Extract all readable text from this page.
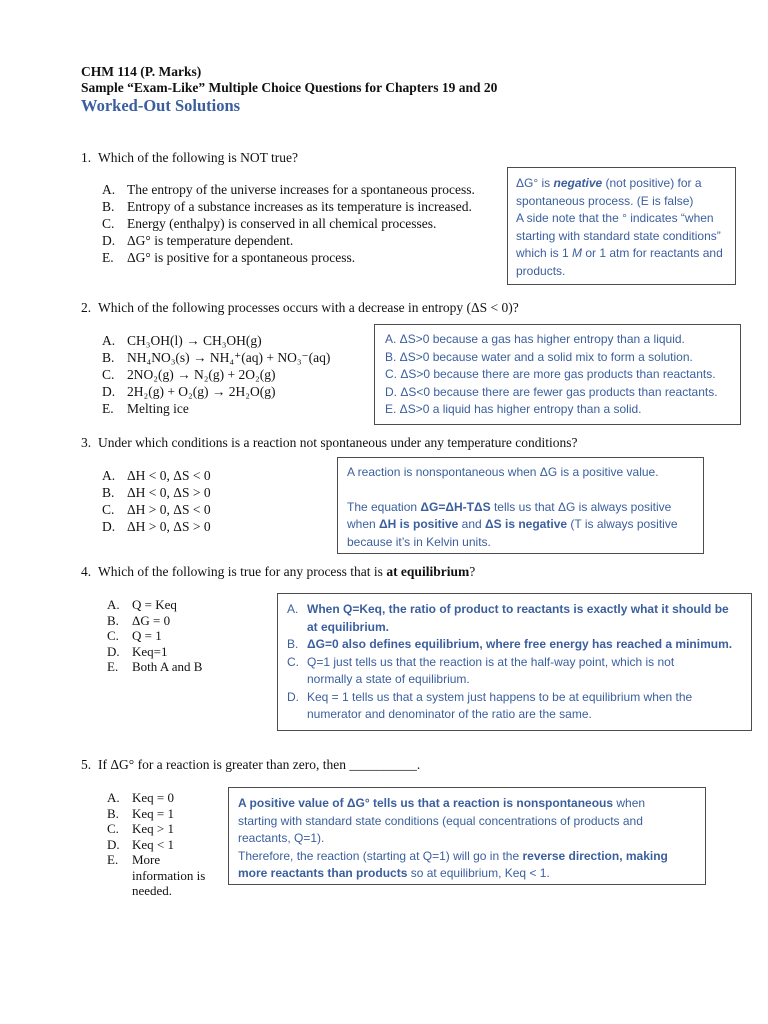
CHM 114 (P. Marks)
Sample “Exam-Like” Multiple Choice Questions for Chapters 19 and 20
Worked-Out Solutions
1. Which of the following is NOT true?
A. The entropy of the universe increases for a spontaneous process.
B. Entropy of a substance increases as its temperature is increased.
C. Energy (enthalpy) is conserved in all chemical processes.
D. ΔG° is temperature dependent.
E. ΔG° is positive for a spontaneous process.

ΔG° is negative (not positive) for a

spontaneous process. (E is false)

A side note that the ° indicates “when

starting with standard state conditions”

which is 1 M or 1 atm for reactants and

products.

2. Which of the following processes occurs with a decrease in entropy (ΔS < 0)?
A. CH₃OH(l) → CH₃OH(g)
B. NH₄NO₃(s) → NH₄⁺(aq) + NO₃⁻(aq)
C. 2NO₂(g) → N₂(g) + 2O₂(g)
D. 2H₂(g) + O₂(g) → 2H₂O(g)
E. Melting ice

A. ΔS>0 because a gas has higher entropy than a liquid.

B. ΔS>0 because water and a solid mix to form a solution.

C. ΔS>0 because there are more gas products than reactants.

D. ΔS<0 because there are fewer gas products than reactants.

E. ΔS>0 a liquid has higher entropy than a solid.

3. Under which conditions is a reaction not spontaneous under any temperature conditions?
A. ΔH < 0, ΔS < 0
B. ΔH < 0, ΔS > 0
C. ΔH > 0, ΔS < 0
D. ΔH > 0, ΔS > 0

A reaction is nonspontaneous when ΔG is a positive value.

The equation ΔG=ΔH-TΔS tells us that ΔG is always positive

when ΔH is positive and ΔS is negative (T is always positive

because it’s in Kelvin units.

4. Which of the following is true for any process that is at equilibrium?
A. Q = Keq
B.	ΔG = 0
C.	Q = 1
D. Keq=1
E.	Both A and B
A. When Q=Keq, the ratio of product to reactants is exactly what it should be
at equilibrium.
B. ΔG=0 also defines equilibrium, where free energy has reached a minimum.
C. Q=1 just tells us that the reaction is at the half-way point, which is not
normally a state of equilibrium.
D. Keq = 1 tells us that a system just happens to be at equilibrium when the
numerator and denominator of the ratio are the same.
5. If ΔG° for a reaction is greater than zero, then __________.
A. Keq = 0
B.	Keq = 1
C.	Keq > 1
D. Keq < 1
E.	More
information is
needed.

A positive value of ΔG° tells us that a reaction is nonspontaneous when

starting with standard state conditions (equal concentrations of products and

reactants, Q=1).

Therefore, the reaction (starting at Q=1) will go in the reverse direction, making

more reactants than products so at equilibrium, Keq < 1.
